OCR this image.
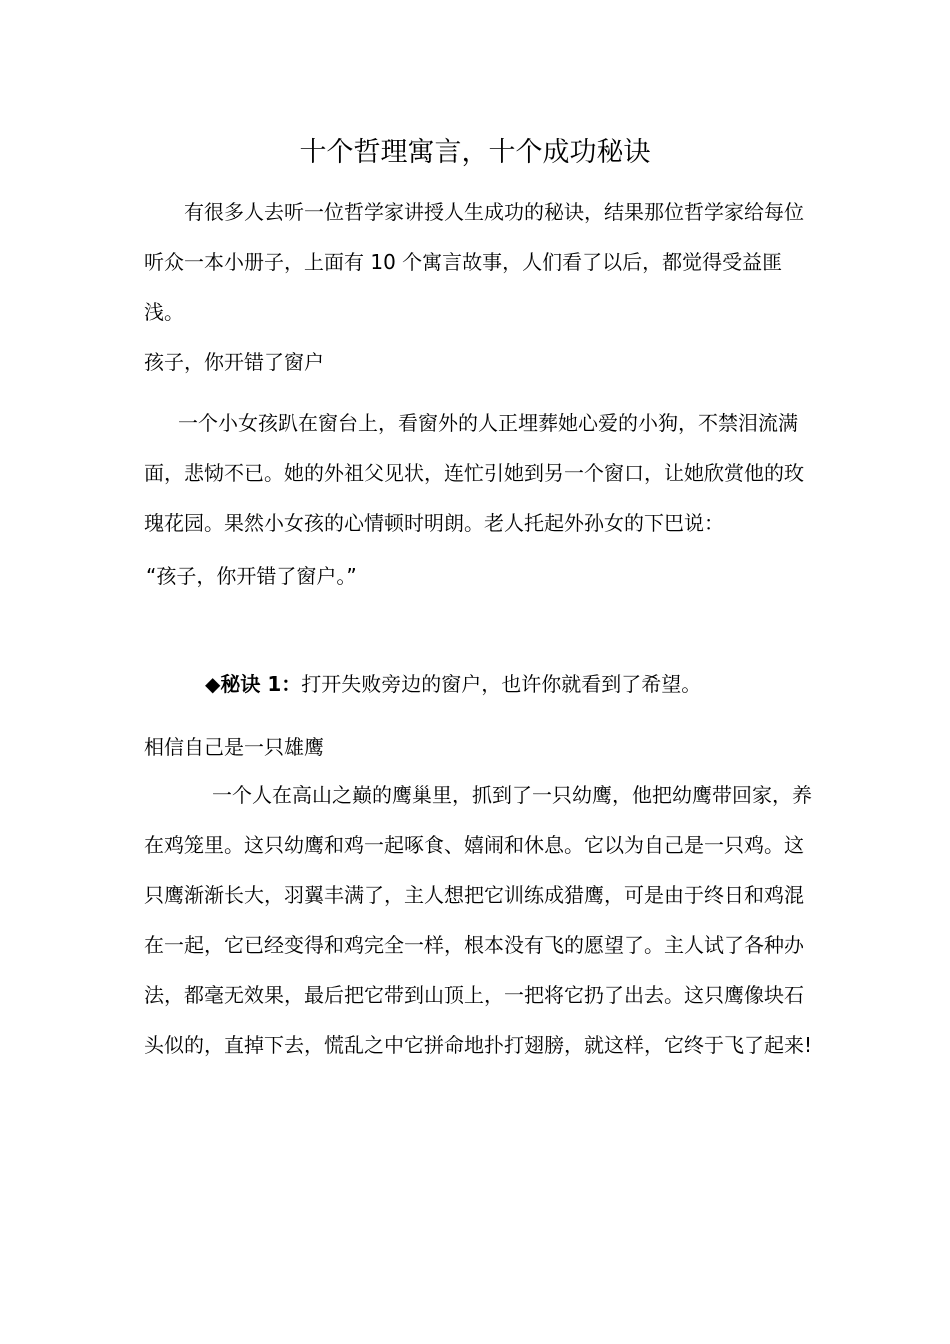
十个哲理寓言，十个成功秘诀

有很多人去听一位哲学家讲授人生成功的秘诀，结果那位哲学家给每位听众一本小册子，上面有 10 个寓言故事，人们看了以后，都觉得受益匪浅。

孩子，你开错了窗户

一个小女孩趴在窗台上，看窗外的人正埋葬她心爱的小狗，不禁泪流满面，悲恸不已。她的外祖父见状，连忙引她到另一个窗口，让她欣赏他的玫瑰花园。果然小女孩的心情顿时明朗。老人托起外孙女的下巴说：

“孩子，你开错了窗户。”

◆秘诀 1：打开失败旁边的窗户，也许你就看到了希望。

相信自己是一只雄鹰

一个人在高山之巅的鹰巢里，抓到了一只幼鹰，他把幼鹰带回家，养在鸡笼里。这只幼鹰和鸡一起啄食、嬉闹和休息。它以为自己是一只鸡。这只鹰渐渐长大，羽翼丰满了，主人想把它训练成猎鹰，可是由于终日和鸡混在一起，它已经变得和鸡完全一样，根本没有飞的愿望了。主人试了各种办法，都毫无效果，最后把它带到山顶上，一把将它扔了出去。这只鹰像块石头似的，直掉下去，慌乱之中它拼命地扑打翅膀，就这样，它终于飞了起来!
